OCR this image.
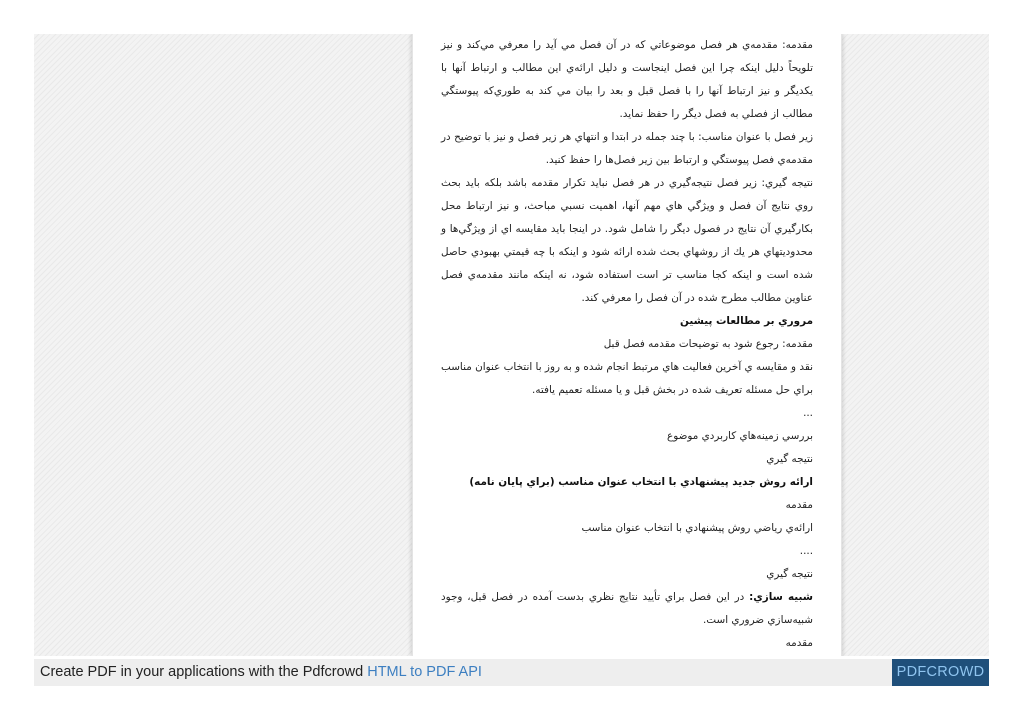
مقدمه: مقدمه‌ي هر فصل موضوعاتي كه در آن فصل مي آيد را معرفي مي‌كند و نيز تلويحاً دليل اينكه چرا اين فصل اينجاست و دليل ارائه‌ي اين مطالب و ارتباط آنها با يكديگر و نيز ارتباط آنها را با فصل قبل و بعد را بيان مي كند به طوري‌كه پيوستگي مطالب از فصلي به فصل ديگر را حفظ نمايد.

زير فصل با عنوان مناسب: با چند جمله در ابتدا و انتهاي هر زير فصل و نيز با توضيح در مقدمه‌ي فصل پيوستگي و ارتباط بين زير فصل‌ها را حفظ كنيد.

نتيجه گيري: زير فصل نتيجه‌گيري در هر فصل نبايد تكرار مقدمه باشد بلكه بايد بحث روي نتايج آن فصل و ويژگي هاي مهم آنها، اهميت نسبي مباحث، و نيز ارتباط محل بكارگيري آن نتايج در فصول ديگر را شامل شود. در اينجا بايد مقايسه اي از ويژگي‌ها و محدوديتهاي هر يك از روشهاي بحث شده ارائه شود و اينكه با چه قيمتي بهبودي حاصل شده است و اينكه كجا مناسب تر است استفاده شود، نه اينكه مانند مقدمه‌ي فصل عناوين مطالب مطرح شده در آن فصل را معرفي كند.

مروري بر مطالعات پيشين

مقدمه: رجوع شود به توضيحات مقدمه فصل قبل

نقد و مقايسه ي آخرين فعاليت هاي مرتبط انجام شده و به روز با انتخاب عنوان مناسب براي حل مسئله تعريف شده در بخش قبل و يا مسئله تعميم يافته.

...

بررسي زمينه‌هاي كاربردي موضوع

نتيجه گيري

ارائه روش جديد پيشنهادي با انتخاب عنوان مناسب (براي پايان نامه)

مقدمه

ارائه‌ي رياضي روش پيشنهادي با انتخاب عنوان مناسب

....

نتيجه گيري

شبيه سازي: در اين فصل براي تأييد نتايج نظري بدست آمده در فصل قبل، وجود شبيه‌سازي ضروري است.

مقدمه

Create PDF in your applications with the Pdfcrowd HTML to PDF API	PDFCROWD
